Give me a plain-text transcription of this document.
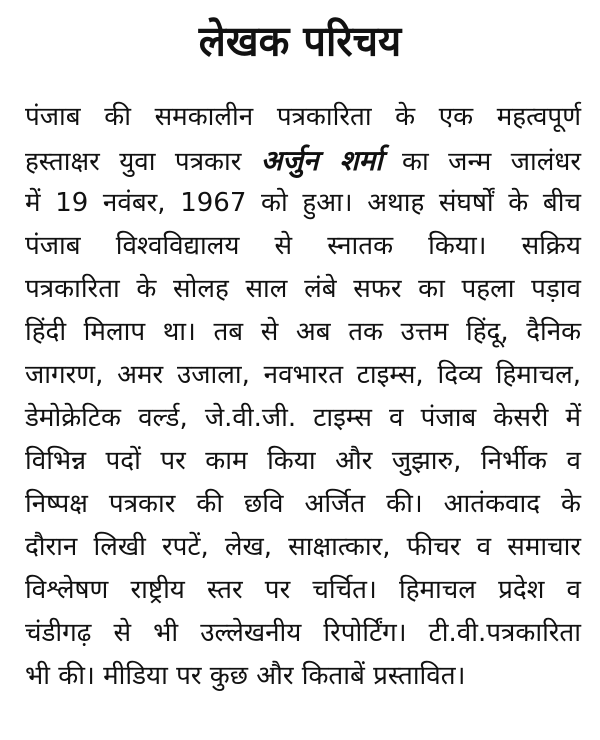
लेखक परिचय
पंजाब की समकालीन पत्रकारिता के एक महत्वपूर्ण
हस्ताक्षर युवा पत्रकार अर्जुन शर्मा का जन्म जालंधर
में 19 नवंबर, 1967 को हुआ। अथाह संघर्षों के बीच
पंजाब विश्वविद्यालय से स्नातक किया। सक्रिय
पत्रकारिता के सोलह साल लंबे सफर का पहला पड़ाव
हिंदी मिलाप था। तब से अब तक उत्तम हिंदू, दैनिक
जागरण, अमर उजाला, नवभारत टाइम्स, दिव्य हिमाचल,
डेमोक्रेटिक वर्ल्ड, जे.वी.जी. टाइम्स व पंजाब केसरी में
विभिन्न पदों पर काम किया और जुझारु, निर्भीक व
निष्पक्ष पत्रकार की छवि अर्जित की। आतंकवाद के
दौरान लिखी रपटें, लेख, साक्षात्कार, फीचर व समाचार
विश्लेषण राष्ट्रीय स्तर पर चर्चित। हिमाचल प्रदेश व
चंडीगढ़ से भी उल्लेखनीय रिपोर्टिंग। टी.वी.पत्रकारिता
भी की। मीडिया पर कुछ और किताबें प्रस्तावित।
